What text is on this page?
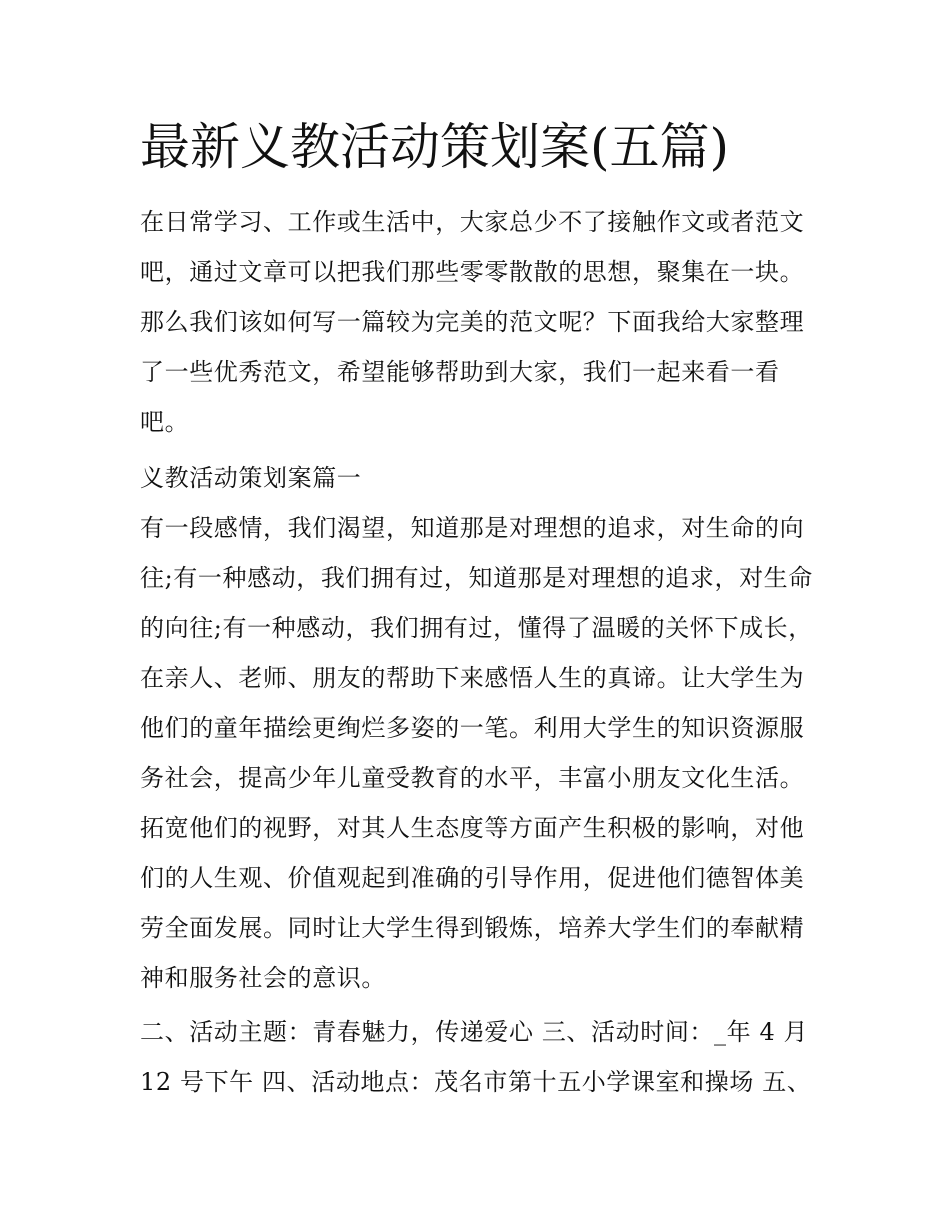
最新义教活动策划案(五篇)
在日常学习、工作或生活中，大家总少不了接触作文或者范文吧，通过文章可以把我们那些零零散散的思想，聚集在一块。那么我们该如何写一篇较为完美的范文呢？下面我给大家整理了一些优秀范文，希望能够帮助到大家，我们一起来看一看吧。
义教活动策划案篇一
有一段感情，我们渴望，知道那是对理想的追求，对生命的向往;有一种感动，我们拥有过，知道那是对理想的追求，对生命的向往;有一种感动，我们拥有过，懂得了温暖的关怀下成长，在亲人、老师、朋友的帮助下来感悟人生的真谛。让大学生为他们的童年描绘更绚烂多姿的一笔。利用大学生的知识资源服务社会，提高少年儿童受教育的水平，丰富小朋友文化生活。拓宽他们的视野，对其人生态度等方面产生积极的影响，对他们的人生观、价值观起到准确的引导作用，促进他们德智体美劳全面发展。同时让大学生得到锻炼，培养大学生们的奉献精神和服务社会的意识。
二、活动主题：青春魅力，传递爱心 三、活动时间：_年 4 月 12 号下午 四、活动地点：茂名市第十五小学课室和操场 五、
